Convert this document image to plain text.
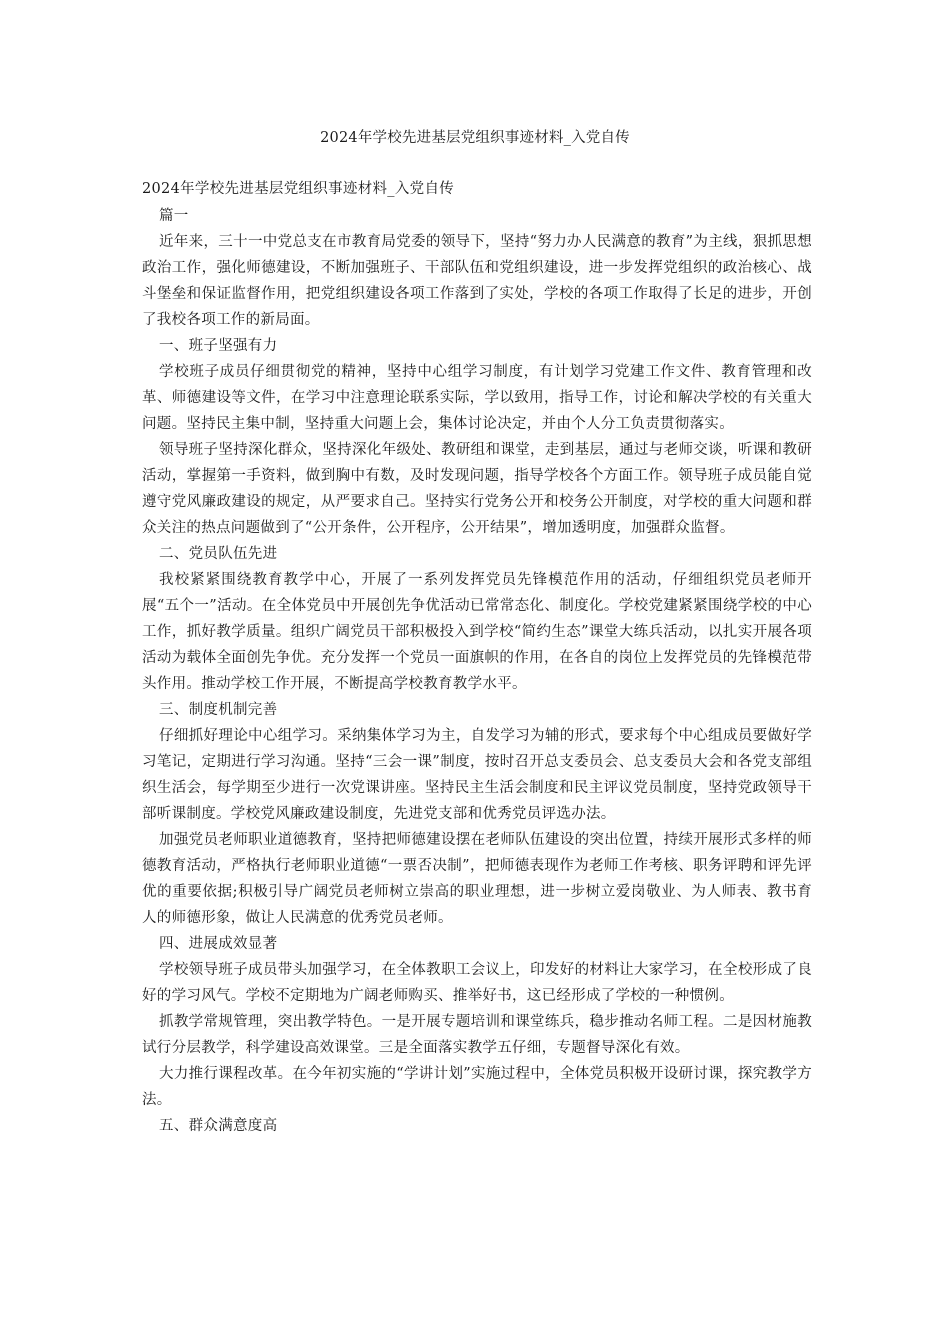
2024年学校先进基层党组织事迹材料_入党自传

2024年学校先进基层党组织事迹材料_入党自传

篇一

近年来，三十一中党总支在市教育局党委的领导下，坚持“努力办人民满意的教育”为主线，狠抓思想政治工作，强化师德建设，不断加强班子、干部队伍和党组织建设，进一步发挥党组织的政治核心、战斗堡垒和保证监督作用，把党组织建设各项工作落到了实处，学校的各项工作取得了长足的进步，开创了我校各项工作的新局面。

一、班子坚强有力

学校班子成员仔细贯彻党的精神，坚持中心组学习制度，有计划学习党建工作文件、教育管理和改革、师德建设等文件，在学习中注意理论联系实际，学以致用，指导工作，讨论和解决学校的有关重大问题。坚持民主集中制，坚持重大问题上会，集体讨论决定，并由个人分工负责贯彻落实。

领导班子坚持深化群众，坚持深化年级处、教研组和课堂，走到基层，通过与老师交谈，听课和教研活动，掌握第一手资料，做到胸中有数，及时发现问题，指导学校各个方面工作。领导班子成员能自觉遵守党风廉政建设的规定，从严要求自己。坚持实行党务公开和校务公开制度，对学校的重大问题和群众关注的热点问题做到了“公开条件，公开程序，公开结果”，增加透明度，加强群众监督。

二、党员队伍先进

我校紧紧围绕教育教学中心，开展了一系列发挥党员先锋模范作用的活动，仔细组织党员老师开展“五个一”活动。在全体党员中开展创先争优活动已常常态化、制度化。学校党建紧紧围绕学校的中心工作，抓好教学质量。组织广阔党员干部积极投入到学校“简约生态”课堂大练兵活动，以扎实开展各项活动为载体全面创先争优。充分发挥一个党员一面旗帜的作用，在各自的岗位上发挥党员的先锋模范带头作用。推动学校工作开展，不断提高学校教育教学水平。

三、制度机制完善

仔细抓好理论中心组学习。采纳集体学习为主，自发学习为辅的形式，要求每个中心组成员要做好学习笔记，定期进行学习沟通。坚持“三会一课”制度，按时召开总支委员会、总支委员大会和各党支部组织生活会，每学期至少进行一次党课讲座。坚持民主生活会制度和民主评议党员制度，坚持党政领导干部听课制度。学校党风廉政建设制度，先进党支部和优秀党员评选办法。

加强党员老师职业道德教育，坚持把师德建设摆在老师队伍建设的突出位置，持续开展形式多样的师德教育活动，严格执行老师职业道德“一票否决制”，把师德表现作为老师工作考核、职务评聘和评先评优的重要依据;积极引导广阔党员老师树立崇高的职业理想，进一步树立爱岗敬业、为人师表、教书育人的师德形象，做让人民满意的优秀党员老师。

四、进展成效显著

学校领导班子成员带头加强学习，在全体教职工会议上，印发好的材料让大家学习，在全校形成了良好的学习风气。学校不定期地为广阔老师购买、推举好书，这已经形成了学校的一种惯例。

抓教学常规管理，突出教学特色。一是开展专题培训和课堂练兵，稳步推动名师工程。二是因材施教试行分层教学，科学建设高效课堂。三是全面落实教学五仔细，专题督导深化有效。

大力推行课程改革。在今年初实施的“学讲计划”实施过程中，全体党员积极开设研讨课，探究教学方法。

五、群众满意度高
